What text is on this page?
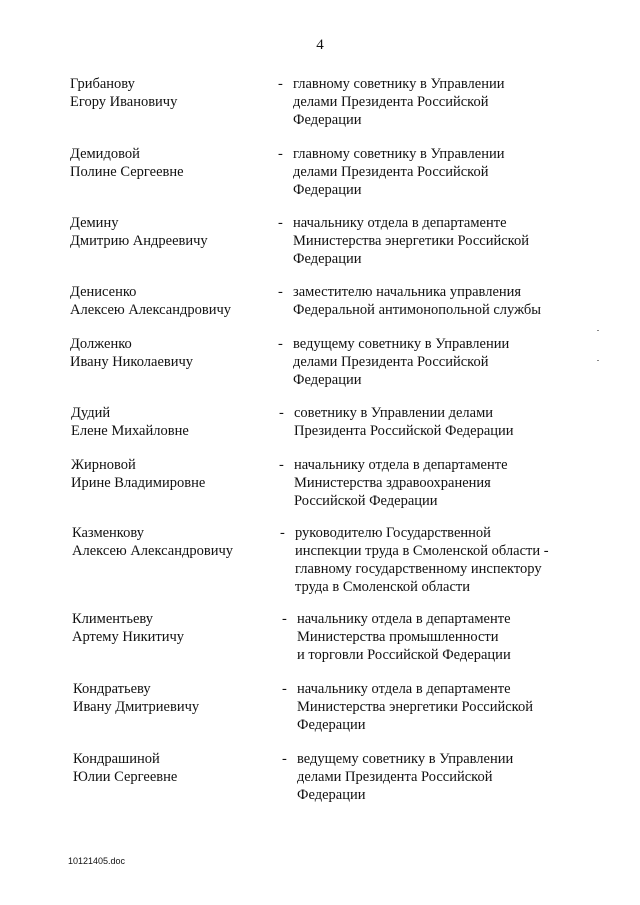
4
Грибанову
Егору Ивановичу
- главному советнику в Управлении
делами Президента Российской
Федерации
Демидовой
Полине Сергеевне
- главному советнику в Управлении
делами Президента Российской
Федерации
Демину
Дмитрию Андреевичу
- начальнику отдела в департаменте
Министерства энергетики Российской
Федерации
Денисенко
Алексею Александровичу
- заместителю начальника управления
Федеральной антимонопольной службы
Долженко
Ивану Николаевичу
- ведущему советнику в Управлении
делами Президента Российской
Федерации
Дудий
Елене Михайловне
- советнику в Управлении делами
Президента Российской Федерации
Жирновой
Ирине Владимировне
- начальнику отдела в департаменте
Министерства здравоохранения
Российской Федерации
Казменкову
Алексею Александровичу
- руководителю Государственной
инспекции труда в Смоленской области -
главному государственному инспектору
труда в Смоленской области
Климентьеву
Артему Никитичу
- начальнику отдела в департаменте
Министерства промышленности
и торговли Российской Федерации
Кондратьеву
Ивану Дмитриевичу
- начальнику отдела в департаменте
Министерства энергетики Российской
Федерации
Кондрашиной
Юлии Сергеевне
- ведущему советнику в Управлении
делами Президента Российской
Федерации
10121405.doc
